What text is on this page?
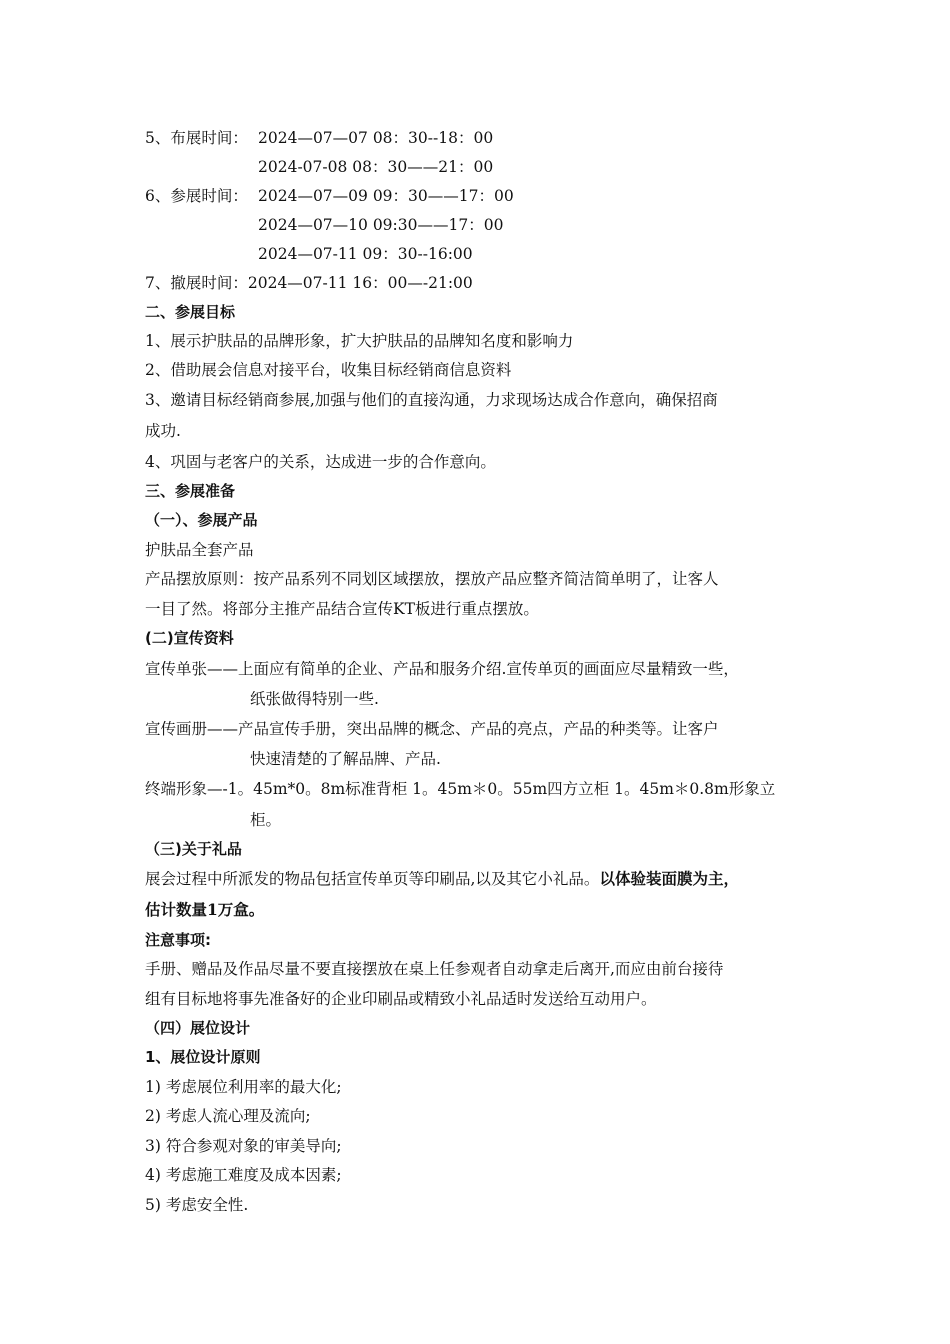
5、布展时间： 2024—07—07 08：30--18：00
2024-07-08 08：30——21：00
6、参展时间： 2024—07—09 09：30——17：00
2024—07—10 09:30——17：00
2024—07-11 09：30--16:00
7、撤展时间：2024—07-11 16：00—-21:00
二、参展目标
1、展示护肤品的品牌形象，扩大护肤品的品牌知名度和影响力
2、借助展会信息对接平台，收集目标经销商信息资料
3、邀请目标经销商参展,加强与他们的直接沟通，力求现场达成合作意向，确保招商
成功.
4、巩固与老客户的关系，达成进一步的合作意向。
三、参展准备
（一）、参展产品
护肤品全套产品
产品摆放原则：按产品系列不同划区域摆放，摆放产品应整齐简洁简单明了，让客人
一目了然。将部分主推产品结合宣传KT板进行重点摆放。
(二)宣传资料
宣传单张——上面应有简单的企业、产品和服务介绍.宣传单页的画面应尽量精致一些，
纸张做得特别一些.
宣传画册——产品宣传手册，突出品牌的概念、产品的亮点，产品的种类等。让客户
快速清楚的了解品牌、产品.
终端形象—-1。45m*0。8m标准背柜 1。45m＊0。55m四方立柜 1。45m＊0.8m形象立
柜。
（三)关于礼品
展会过程中所派发的物品包括宣传单页等印刷品,以及其它小礼品。以体验装面膜为主，
估计数量1万盒。
注意事项:
手册、赠品及作品尽量不要直接摆放在桌上任参观者自动拿走后离开,而应由前台接待
组有目标地将事先准备好的企业印刷品或精致小礼品适时发送给互动用户。
（四）展位设计
1、展位设计原则
1) 考虑展位利用率的最大化;
2) 考虑人流心理及流向;
3) 符合参观对象的审美导向;
4) 考虑施工难度及成本因素;
5) 考虑安全性.
